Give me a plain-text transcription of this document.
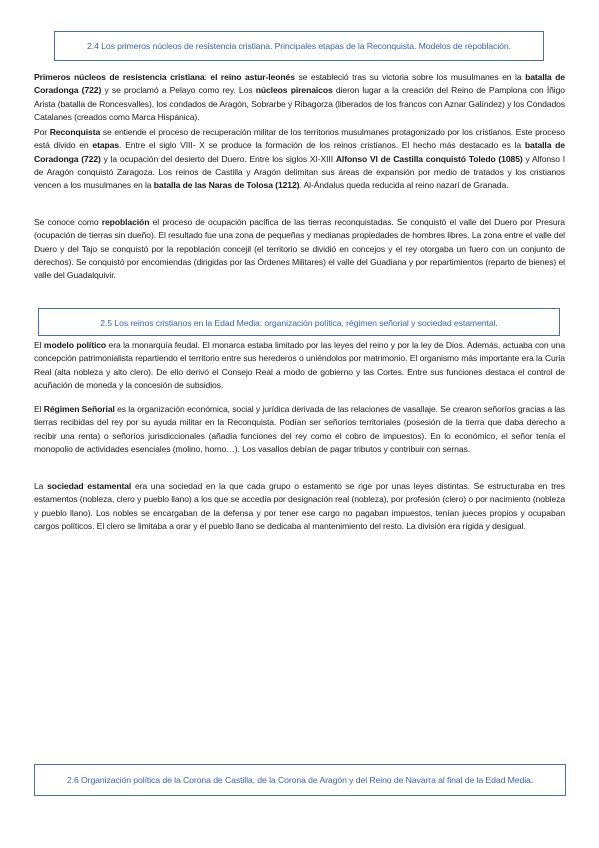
2.4 Los primeros núcleos de resistencia cristiana. Principales etapas de la Reconquista. Modelos de repoblación.

Primeros núcleos de resistencia cristiana: el reino astur-leonés se estableció tras su victoria sobre los musulmanes en la batalla de Coradonga (722) y se proclamó a Pelayo como rey. Los núcleos pirenaicos dieron lugar a la creación del Reino de Pamplona con Íñigo Arista (batalla de Roncesvalles), los condados de Aragón, Sobrarbe y Ribagorza (liberados de los francos con Aznar Galíndez) y los Condados Catalanes (creados como Marca Hispánica).

Por Reconquista se entiende el proceso de recuperación militar de los territorios musulmanes protagonizado por los cristianos. Este proceso está divido en etapas. Entre el siglo VIII- X se produce la formación de los reinos cristianos. El hecho más destacado es la batalla de Coradonga (722) y la ocupación del desierto del Duero. Entre los siglos XI-XIII Alfonso VI de Castilla conquistó Toledo (1085) y Alfonso I de Aragón conquistó Zaragoza. Los reinos de Castilla y Aragón delimitan sus áreas de expansión por medio de tratados y los cristianos vencen a los musulmanes en la batalla de las Naras de Tolosa (1212). Al-Ándalus queda reducida al reino nazarí de Granada.

Se conoce como repoblación el proceso de ocupación pacífica de las tierras reconquistadas. Se conquistó el valle del Duero por Presura (ocupación de tierras sin dueño). El resultado fue una zona de pequeñas y medianas propiedades de hombres libres. La zona entre el valle del Duero y del Tajo se conquistó por la repoblación concejil (el territorio se dividió en concejos y el rey otorgaba un fuero con un conjunto de derechos). Se conquistó por encomiendas (dirigidas por las Órdenes Militares) el valle del Guadiana y por repartimientos (reparto de bienes) el valle del Guadalquivir.

2.5 Los reinos cristianos en la Edad Media: organización política, régimen señorial y sociedad estamental.

El modelo político era la monarquía feudal. El monarca estaba limitado por las leyes del reino y por la ley de Dios. Además, actuaba con una concepción patrimonialista repartiendo el territorio entre sus herederos o uniéndolos por matrimonio. El organismo más importante era la Curia Real (alta nobleza y alto clero). De ello derivó el Consejo Real a modo de gobierno y las Cortes. Entre sus funciones destaca el control de acuñación de moneda y la concesión de subsidios.

El Régimen Señorial es la organización económica, social y jurídica derivada de las relaciones de vasallaje. Se crearon señoríos gracias a las tierras recibidas del rey por su ayuda militar en la Reconquista. Podían ser señoríos territoriales (posesión de la tierra que daba derecho a recibir una renta) o señoríos jurisdiccionales (añadía funciones del rey como el cobro de impuestos). En lo económico, el señor tenía el monopolio de actividades esenciales (molino, horno…). Los vasallos debían de pagar tributos y contribuir con sernas.

La sociedad estamental era una sociedad en la que cada grupo o estamento se rige por unas leyes distintas. Se estructuraba en tres estamentos (nobleza, clero y pueblo llano) a los que se accedía por designación real (nobleza), por profesión (clero) o por nacimiento (nobleza y pueblo llano). Los nobles se encargaban de la defensa y por tener ese cargo no pagaban impuestos, tenían jueces propios y ocupaban cargos políticos. El clero se limitaba a orar y el pueblo llano se dedicaba al mantenimiento del resto. La división era rígida y desigual.

2.6 Organización política de la Corona de Castilla, de la Corona de Aragón y del Reino de Navarra al final de la Edad Media.
